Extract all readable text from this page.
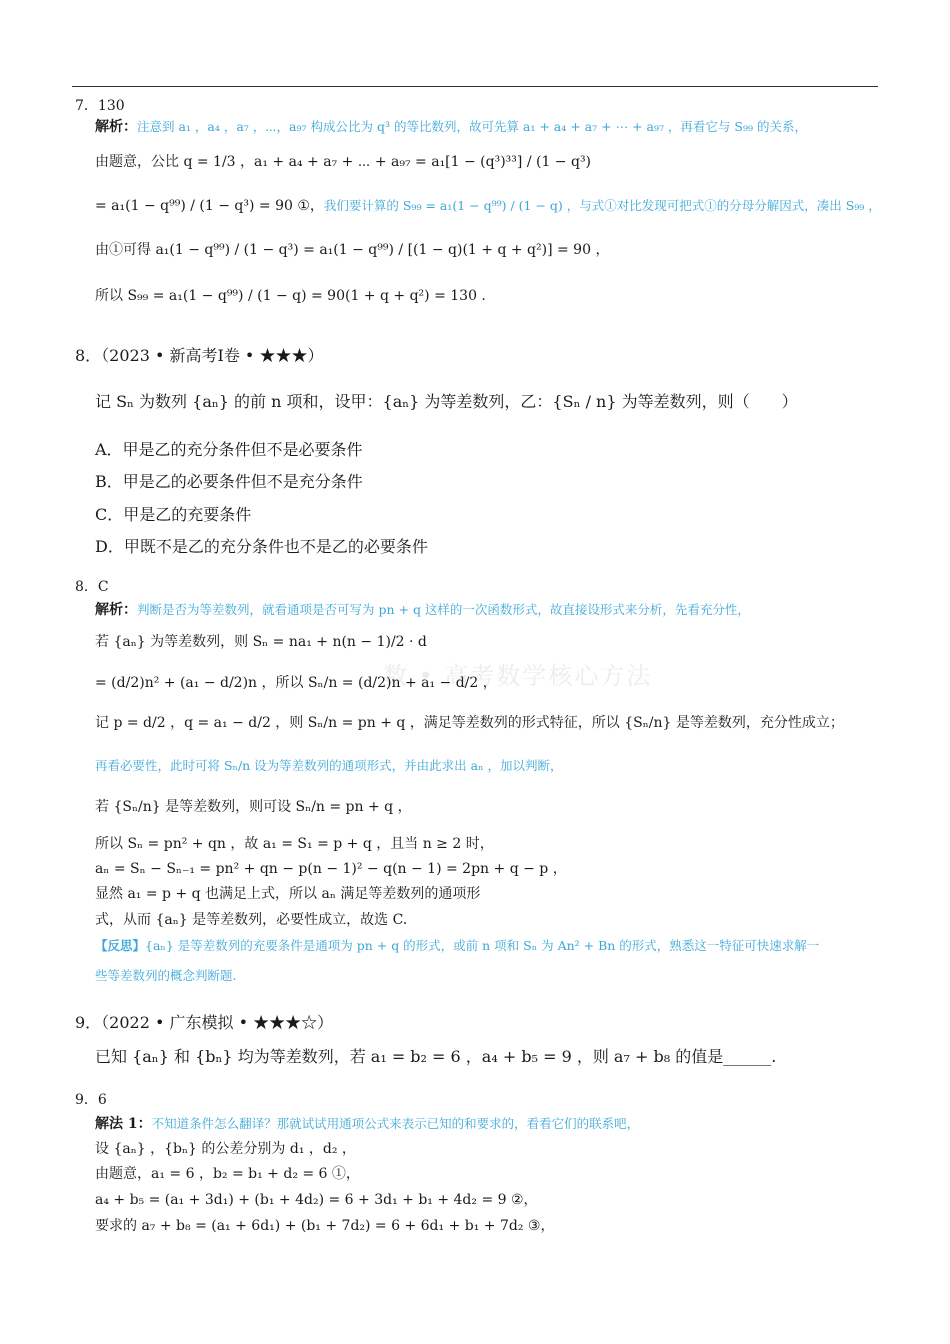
数 • 高考数学核心方法
7．130
解析：注意到 a₁ ，a₄ ，a₇ ，⋯，a₉₇ 构成公比为 q³ 的等比数列，故可先算 a₁ + a₄ + a₇ + ⋯ + a₉₇ ，再看它与 S₉₉ 的关系，
由题意，公比 q = 1/3 ，a₁ + a₄ + a₇ + ⋯ + a₉₇ = a₁[1 − (q³)³³] / (1 − q³)
= a₁(1 − q⁹⁹) / (1 − q³) = 90 ①，我们要计算的 S₉₉ = a₁(1 − q⁹⁹) / (1 − q) ，与式①对比发现可把式①的分母分解因式，凑出 S₉₉ ，
由①可得 a₁(1 − q⁹⁹) / (1 − q³) = a₁(1 − q⁹⁹) / [(1 − q)(1 + q + q²)] = 90 ，
所以 S₉₉ = a₁(1 − q⁹⁹) / (1 − q) = 90(1 + q + q²) = 130 .
8．（2023 • 新高考Ⅰ卷 • ★★★）
记 Sₙ 为数列 {aₙ} 的前 n 项和，设甲：{aₙ} 为等差数列，乙：{Sₙ / n} 为等差数列，则（　　）
A．甲是乙的充分条件但不是必要条件
B．甲是乙的必要条件但不是充分条件
C．甲是乙的充要条件
D．甲既不是乙的充分条件也不是乙的必要条件
8．C
解析：判断是否为等差数列，就看通项是否可写为 pn + q 这样的一次函数形式，故直接设形式来分析，先看充分性，
若 {aₙ} 为等差数列，则 Sₙ = na₁ + n(n − 1)/2 · d
= (d/2)n² + (a₁ − d/2)n ，所以 Sₙ/n = (d/2)n + a₁ − d/2 ，
记 p = d/2 ，q = a₁ − d/2 ，则 Sₙ/n = pn + q ，满足等差数列的形式特征，所以 {Sₙ/n} 是等差数列，充分性成立；
再看必要性，此时可将 Sₙ/n 设为等差数列的通项形式，并由此求出 aₙ ，加以判断，
若 {Sₙ/n} 是等差数列，则可设 Sₙ/n = pn + q ，
所以 Sₙ = pn² + qn ，故 a₁ = S₁ = p + q ，且当 n ≥ 2 时，
aₙ = Sₙ − Sₙ₋₁ = pn² + qn − p(n − 1)² − q(n − 1) = 2pn + q − p ，
显然 a₁ = p + q 也满足上式，所以 aₙ 满足等差数列的通项形
式，从而 {aₙ} 是等差数列，必要性成立，故选 C.
【反思】{aₙ} 是等差数列的充要条件是通项为 pn + q 的形式，或前 n 项和 Sₙ 为 An² + Bn 的形式，熟悉这一特征可快速求解一
些等差数列的概念判断题.
9．（2022 • 广东模拟 • ★★★☆）
已知 {aₙ} 和 {bₙ} 均为等差数列，若 a₁ = b₂ = 6 ，a₄ + b₅ = 9 ，则 a₇ + b₈ 的值是______.
9．6
解法 1：不知道条件怎么翻译？那就试试用通项公式来表示已知的和要求的，看看它们的联系吧，
设 {aₙ} ，{bₙ} 的公差分别为 d₁ ，d₂ ，
由题意，a₁ = 6 ，b₂ = b₁ + d₂ = 6 ①，
a₄ + b₅ = (a₁ + 3d₁) + (b₁ + 4d₂) = 6 + 3d₁ + b₁ + 4d₂ = 9 ②，
要求的 a₇ + b₈ = (a₁ + 6d₁) + (b₁ + 7d₂) = 6 + 6d₁ + b₁ + 7d₂ ③，
